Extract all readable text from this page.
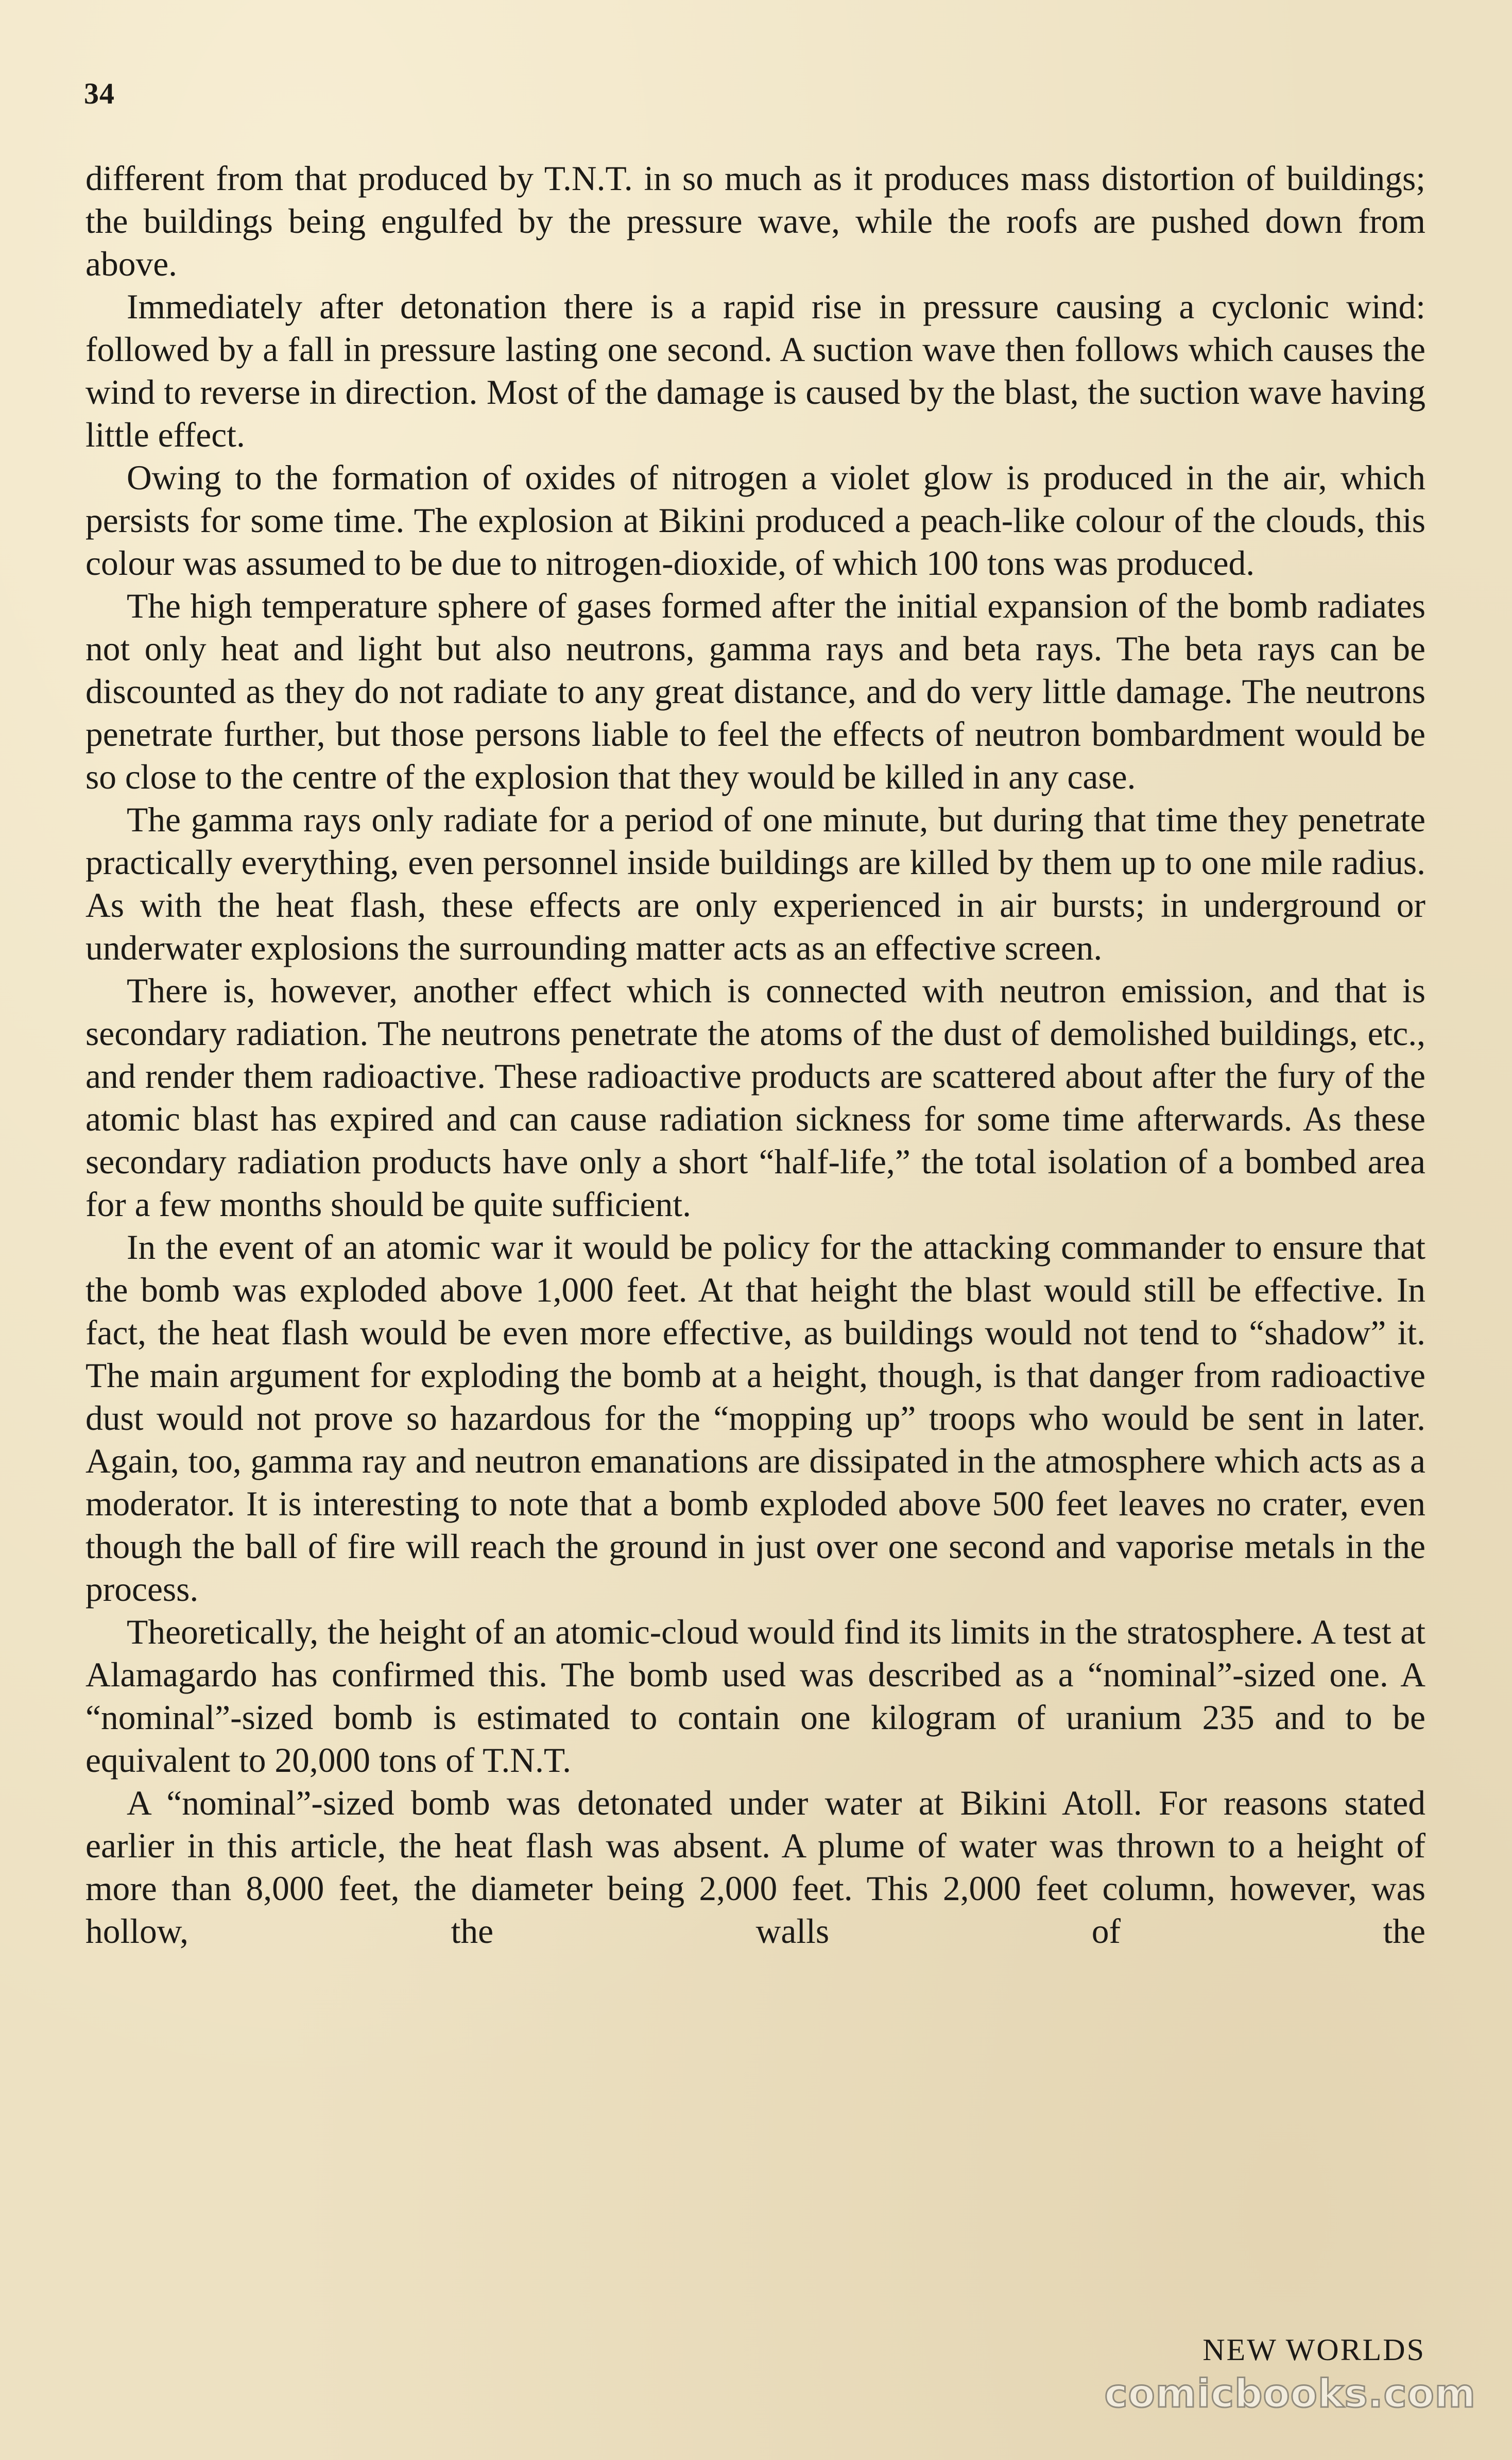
34

different from that produced by T.N.T. in so much as it produces mass distortion of buildings; the buildings being engulfed by the pressure wave, while the roofs are pushed down from above.

Immediately after detonation there is a rapid rise in pressure causing a cyclonic wind: followed by a fall in pressure lasting one second. A suction wave then follows which causes the wind to reverse in direction. Most of the damage is caused by the blast, the suction wave having little effect.

Owing to the formation of oxides of nitrogen a violet glow is produced in the air, which persists for some time. The explosion at Bikini produced a peach-like colour of the clouds, this colour was assumed to be due to nitrogen-dioxide, of which 100 tons was produced.

The high temperature sphere of gases formed after the initial expansion of the bomb radiates not only heat and light but also neutrons, gamma rays and beta rays. The beta rays can be discounted as they do not radiate to any great distance, and do very little damage. The neutrons penetrate further, but those persons liable to feel the effects of neutron bombardment would be so close to the centre of the explosion that they would be killed in any case.

The gamma rays only radiate for a period of one minute, but during that time they penetrate practically everything, even personnel inside buildings are killed by them up to one mile radius. As with the heat flash, these effects are only experienced in air bursts; in underground or underwater explosions the surrounding matter acts as an effective screen.

There is, however, another effect which is connected with neutron emission, and that is secondary radiation. The neutrons penetrate the atoms of the dust of demolished buildings, etc., and render them radioactive. These radioactive products are scattered about after the fury of the atomic blast has expired and can cause radiation sickness for some time afterwards. As these secondary radiation products have only a short “half-life,” the total isolation of a bombed area for a few months should be quite sufficient.

In the event of an atomic war it would be policy for the attacking commander to ensure that the bomb was exploded above 1,000 feet. At that height the blast would still be effective. In fact, the heat flash would be even more effective, as buildings would not tend to “shadow” it. The main argument for exploding the bomb at a height, though, is that danger from radioactive dust would not prove so hazardous for the “mopping up” troops who would be sent in later. Again, too, gamma ray and neutron emanations are dissipated in the atmosphere which acts as a moderator. It is interesting to note that a bomb exploded above 500 feet leaves no crater, even though the ball of fire will reach the ground in just over one second and vaporise metals in the process.

Theoretically, the height of an atomic-cloud would find its limits in the stratosphere. A test at Alamagardo has confirmed this. The bomb used was described as a “nominal”-sized one. A “nominal”-sized bomb is estimated to contain one kilogram of uranium 235 and to be equivalent to 20,000 tons of T.N.T.

A “nominal”-sized bomb was detonated under water at Bikini Atoll. For reasons stated earlier in this article, the heat flash was absent. A plume of water was thrown to a height of more than 8,000 feet, the diameter being 2,000 feet. This 2,000 feet column, however, was hollow, the walls of the

NEW WORLDS
comicbooks.com
